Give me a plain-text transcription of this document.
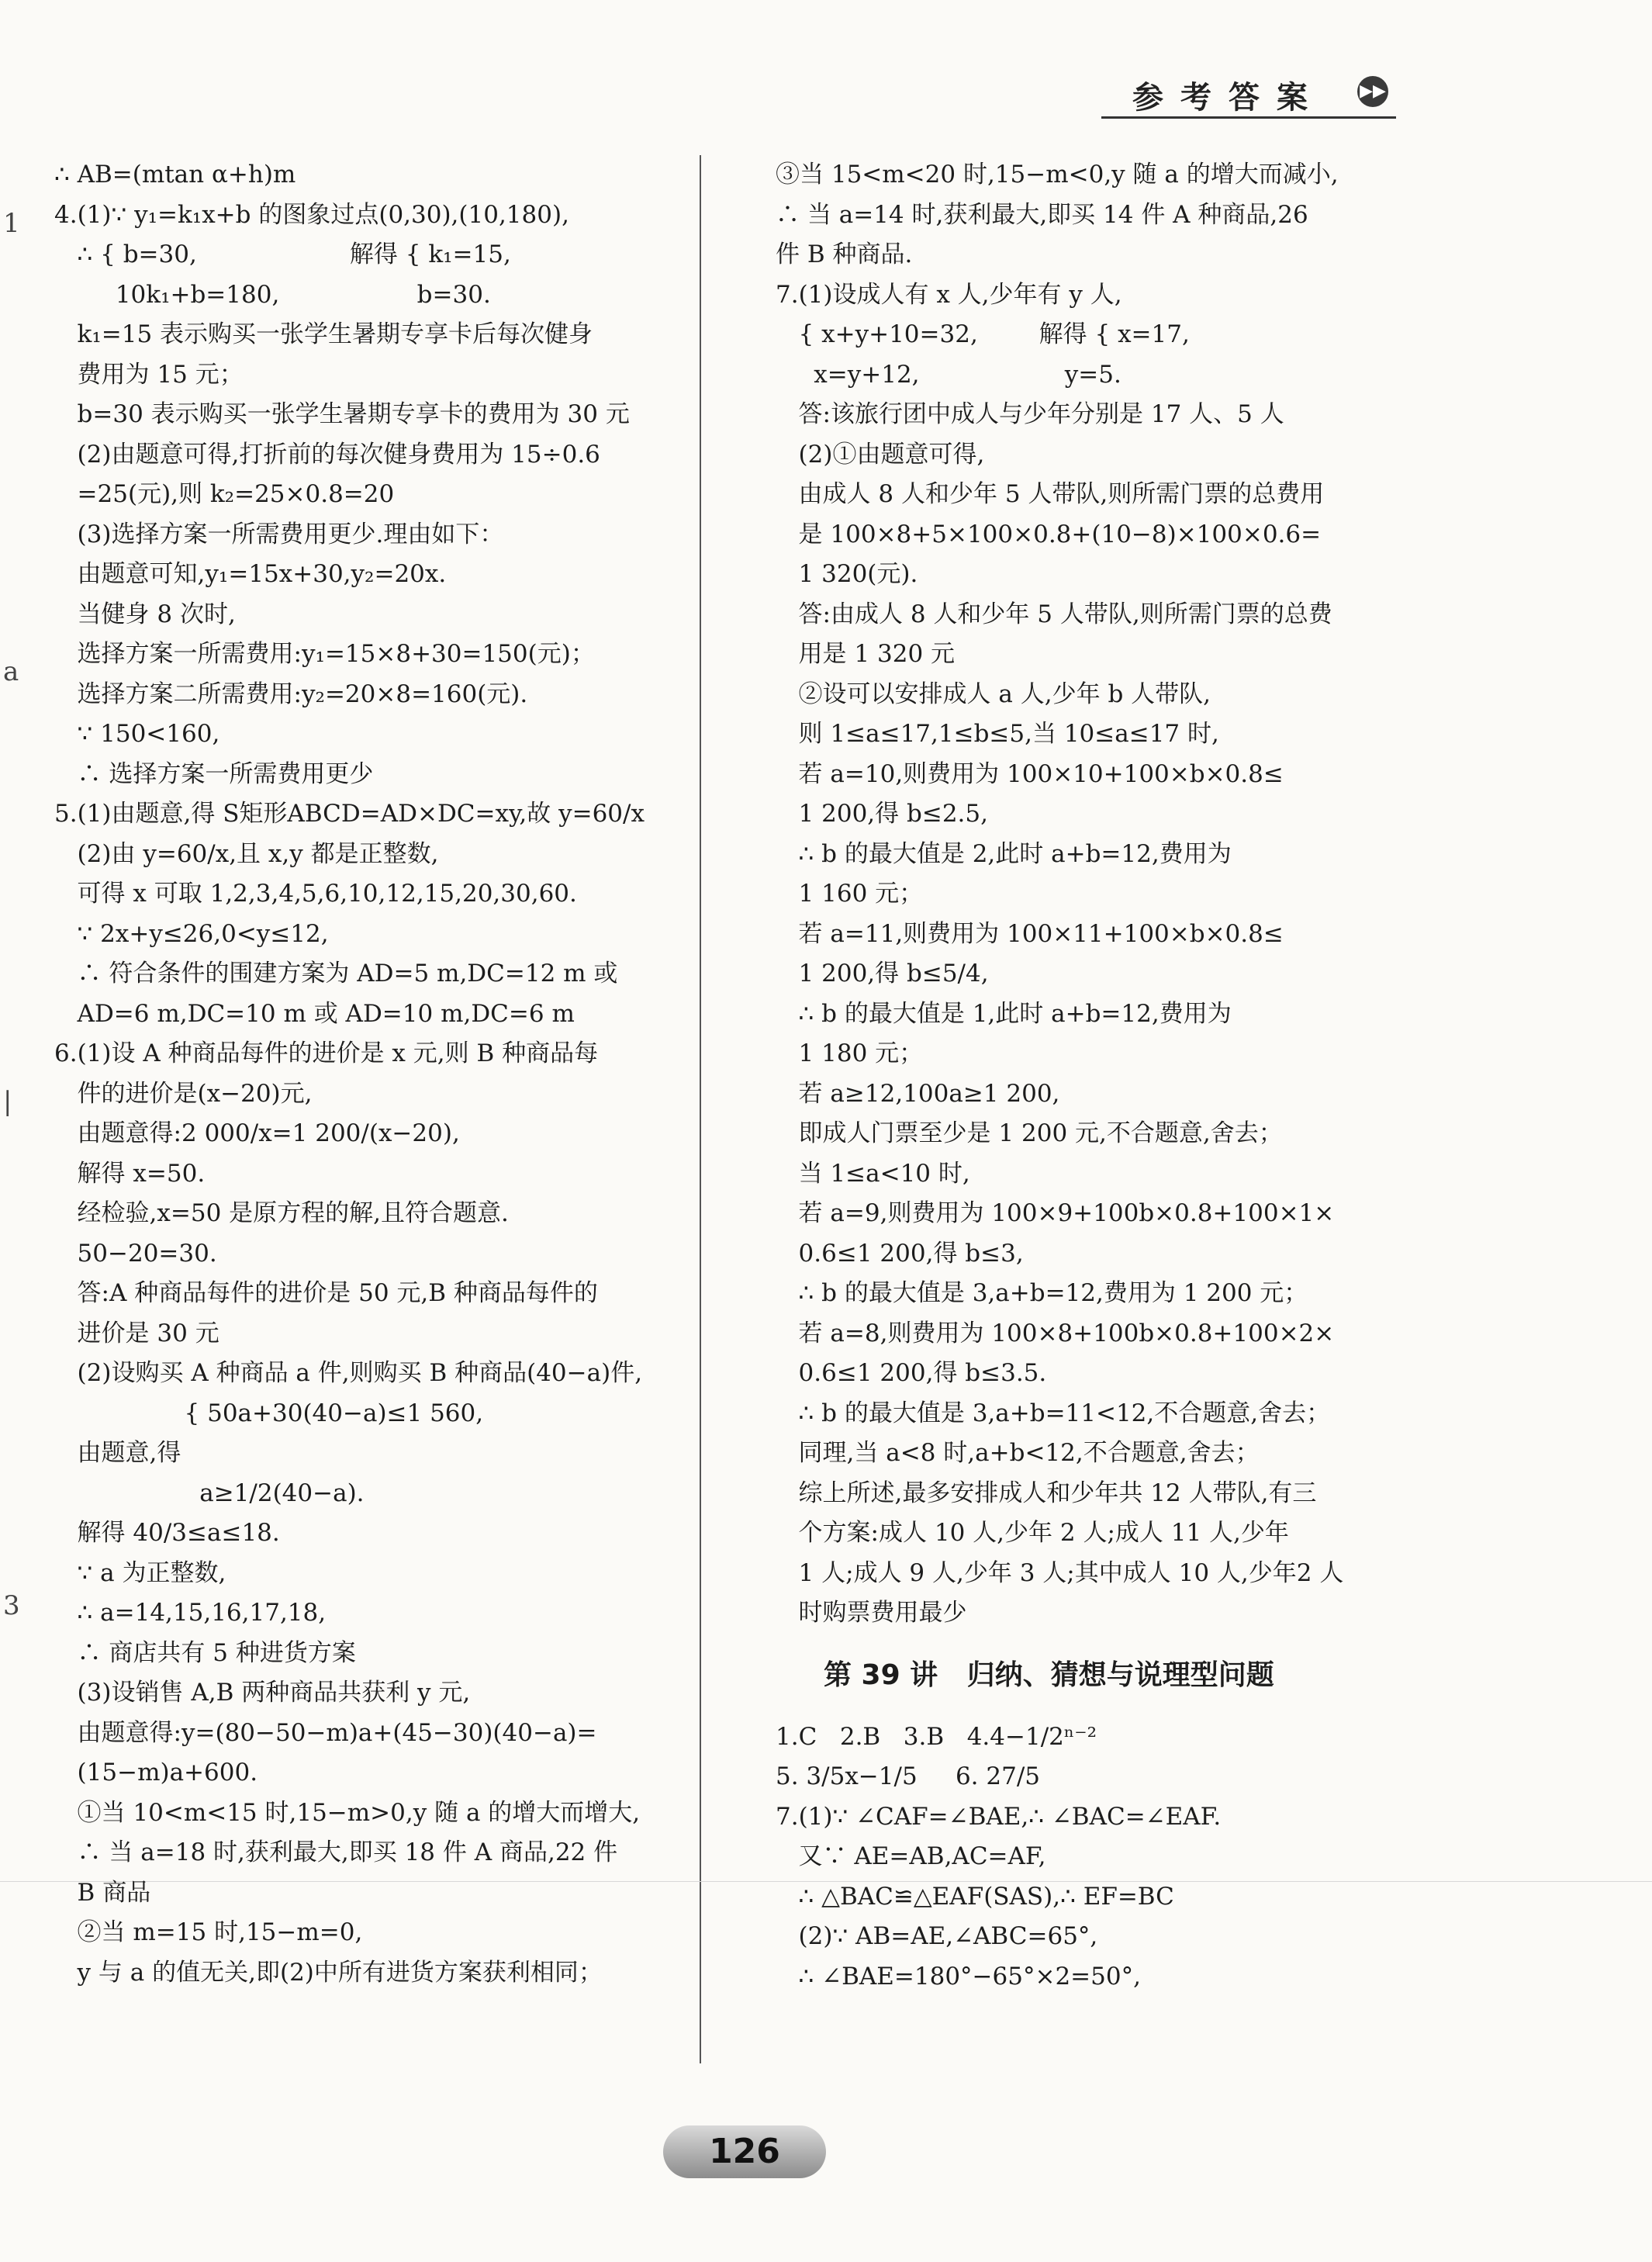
参考答案 ▶▶
1
a
|
3

∴ AB=(mtan α+h)m

4.(1)∵ y₁=k₁x+b 的图象过点(0,30),(10,180),

∴ { b=30,                    解得 { k₁=15,

10k₁+b=180,                  b=30.

k₁=15 表示购买一张学生暑期专享卡后每次健身

费用为 15 元；

b=30 表示购买一张学生暑期专享卡的费用为 30 元

(2)由题意可得,打折前的每次健身费用为 15÷0.6

=25(元),则 k₂=25×0.8=20

(3)选择方案一所需费用更少.理由如下：

由题意可知,y₁=15x+30,y₂=20x.

当健身 8 次时,

选择方案一所需费用:y₁=15×8+30=150(元)；

选择方案二所需费用:y₂=20×8=160(元).

∵ 150<160,

∴ 选择方案一所需费用更少

5.(1)由题意,得 S矩形ABCD=AD×DC=xy,故 y=60/x

(2)由 y=60/x,且 x,y 都是正整数,

可得 x 可取 1,2,3,4,5,6,10,12,15,20,30,60.

∵ 2x+y≤26,0<y≤12,

∴ 符合条件的围建方案为 AD=5 m,DC=12 m 或

AD=6 m,DC=10 m 或 AD=10 m,DC=6 m

6.(1)设 A 种商品每件的进价是 x 元,则 B 种商品每

件的进价是(x−20)元,

由题意得:2 000/x=1 200/(x−20),

解得 x=50.

经检验,x=50 是原方程的解,且符合题意.

50−20=30.

答:A 种商品每件的进价是 50 元,B 种商品每件的

进价是 30 元

(2)设购买 A 种商品 a 件,则购买 B 种商品(40−a)件,

{ 50a+30(40−a)≤1 560,

由题意,得

a≥1/2(40−a).

解得 40/3≤a≤18.

∵ a 为正整数,

∴ a=14,15,16,17,18,

∴ 商店共有 5 种进货方案

(3)设销售 A,B 两种商品共获利 y 元,

由题意得:y=(80−50−m)a+(45−30)(40−a)=

(15−m)a+600.

①当 10<m<15 时,15−m>0,y 随 a 的增大而增大,

∴ 当 a=18 时,获利最大,即买 18 件 A 商品,22 件

B 商品

②当 m=15 时,15−m=0,

y 与 a 的值无关,即(2)中所有进货方案获利相同；

③当 15<m<20 时,15−m<0,y 随 a 的增大而减小,

∴ 当 a=14 时,获利最大,即买 14 件 A 种商品,26

件 B 种商品.

7.(1)设成人有 x 人,少年有 y 人,

{ x+y+10=32,        解得 { x=17,

x=y+12,                   y=5.

答:该旅行团中成人与少年分别是 17 人、5 人

(2)①由题意可得,

由成人 8 人和少年 5 人带队,则所需门票的总费用

是 100×8+5×100×0.8+(10−8)×100×0.6=

1 320(元).

答:由成人 8 人和少年 5 人带队,则所需门票的总费

用是 1 320 元

②设可以安排成人 a 人,少年 b 人带队,

则 1≤a≤17,1≤b≤5,当 10≤a≤17 时,

若 a=10,则费用为 100×10+100×b×0.8≤

1 200,得 b≤2.5,

∴ b 的最大值是 2,此时 a+b=12,费用为

1 160 元；

若 a=11,则费用为 100×11+100×b×0.8≤

1 200,得 b≤5/4,

∴ b 的最大值是 1,此时 a+b=12,费用为

1 180 元；

若 a≥12,100a≥1 200,

即成人门票至少是 1 200 元,不合题意,舍去；

当 1≤a<10 时,

若 a=9,则费用为 100×9+100b×0.8+100×1×

0.6≤1 200,得 b≤3,

∴ b 的最大值是 3,a+b=12,费用为 1 200 元；

若 a=8,则费用为 100×8+100b×0.8+100×2×

0.6≤1 200,得 b≤3.5.

∴ b 的最大值是 3,a+b=11<12,不合题意,舍去；

同理,当 a<8 时,a+b<12,不合题意,舍去；

综上所述,最多安排成人和少年共 12 人带队,有三

个方案:成人 10 人,少年 2 人;成人 11 人,少年

1 人;成人 9 人,少年 3 人;其中成人 10 人,少年2 人

时购票费用最少

第 39 讲   归纳、猜想与说理型问题

1.C   2.B   3.B   4.4−1/2ⁿ⁻²

5. 3/5x−1/5     6. 27/5

7.(1)∵ ∠CAF=∠BAE,∴ ∠BAC=∠EAF.

又∵ AE=AB,AC=AF,

∴ △BAC≌△EAF(SAS),∴ EF=BC

(2)∵ AB=AE,∠ABC=65°,

∴ ∠BAE=180°−65°×2=50°,

126
